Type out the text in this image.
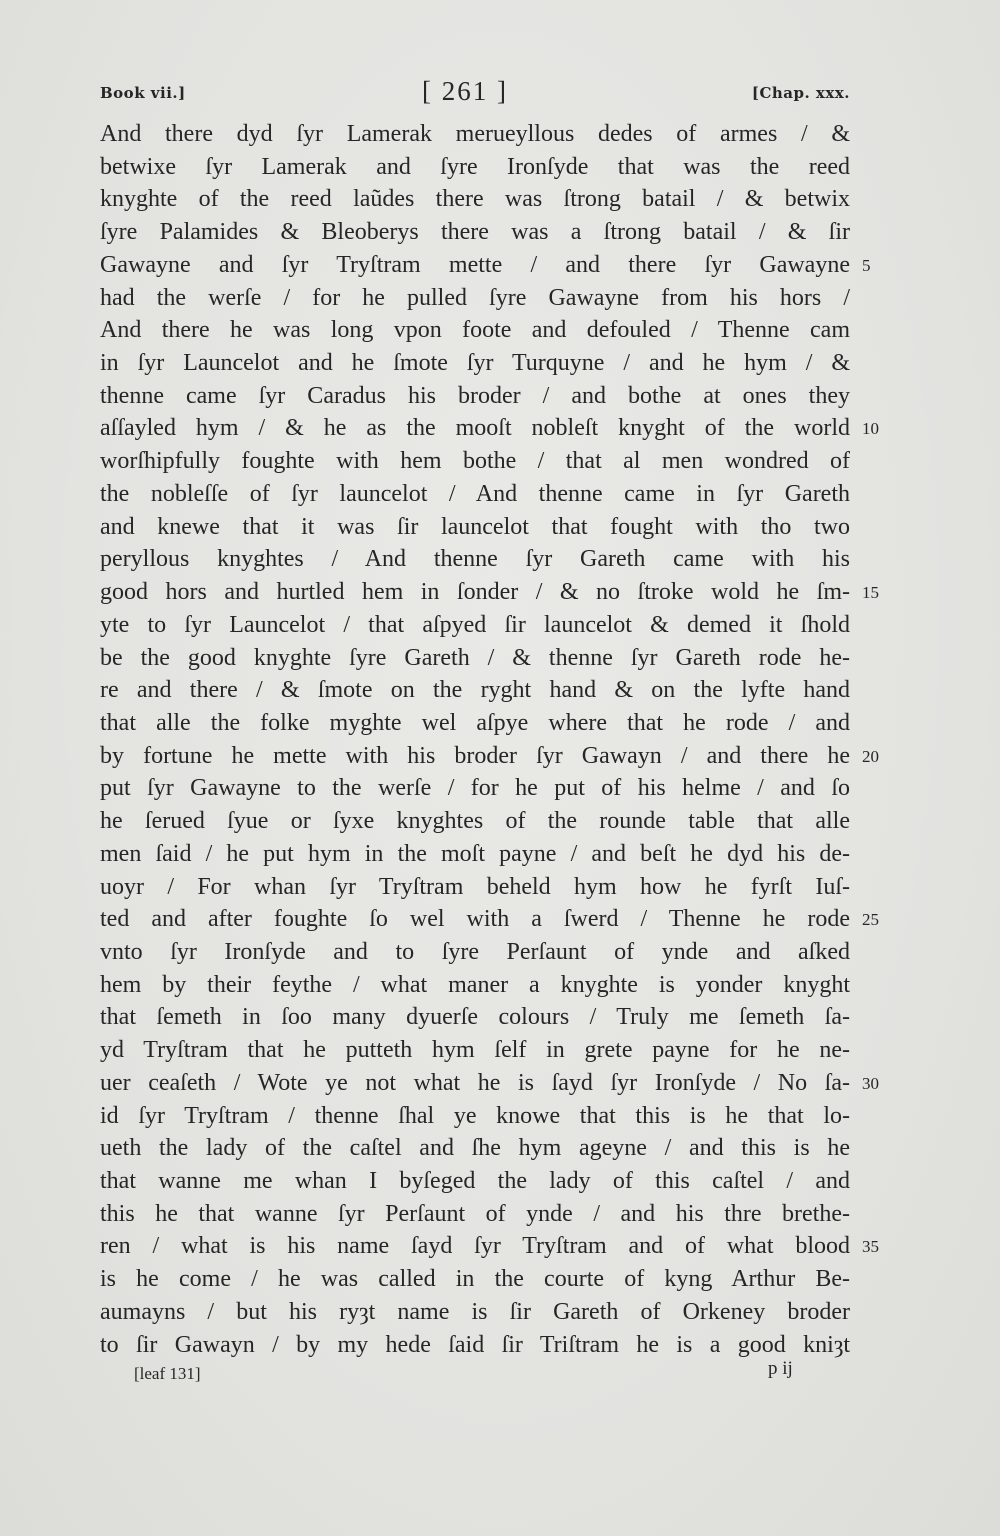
Book vii.]	[ 261 ]	[Chap. xxx.
And there dyd ſyr Lamerak merueyllous dedes of armes / &
betwixe ſyr Lamerak and ſyre Ironſyde that was the reed
knyghte of the reed laũdes there was ſtrong batail / & betwix
ſyre Palamides & Bleoberys there was a ſtrong batail / & ſir
Gawayne and ſyr Tryſtram mette / and there ſyr Gawayne 5
had the werſe / for he pulled ſyre Gawayne from his hors /
And there he was long vpon foote and defouled / Thenne cam
in ſyr Launcelot and he ſmote ſyr Turquyne / and he hym / &
thenne came ſyr Caradus his broder / and bothe at ones they
aſſayled hym / & he as the mooſt nobleſt knyght of the world 10
worſhipfully foughte with hem bothe / that al men wondred of
the nobleſſe of ſyr launcelot / And thenne came in ſyr Gareth
and knewe that it was ſir launcelot that fought with tho two
peryllous knyghtes / And thenne ſyr Gareth came with his
good hors and hurtled hem in ſonder / & no ſtroke wold he ſm- 15
yte to ſyr Launcelot / that aſpyed ſir launcelot & demed it ſhold
be the good knyghte ſyre Gareth / & thenne ſyr Gareth rode he-
re and there / & ſmote on the ryght hand & on the lyfte hand
that alle the folke myghte wel aſpye where that he rode / and
by fortune he mette with his broder ſyr Gawayn / and there he 20
put ſyr Gawayne to the werſe / for he put of his helme / and ſo
he ſerued ſyue or ſyxe knyghtes of the rounde table that alle
men ſaid / he put hym in the moſt payne / and beſt he dyd his de-
uoyr / For whan ſyr Tryſtram beheld hym how he fyrſt Iuſ-
ted and after foughte ſo wel with a ſwerd / Thenne he rode 25
vnto ſyr Ironſyde and to ſyre Perſaunt of ynde and aſked
hem by their feythe / what maner a knyghte is yonder knyght
that ſemeth in ſoo many dyuerſe colours / Truly me ſemeth ſa-
yd Tryſtram that he putteth hym ſelf in grete payne for he ne-
uer ceaſeth / Wote ye not what he is ſayd ſyr Ironſyde / No ſa- 30
id ſyr Tryſtram / thenne ſhal ye knowe that this is he that lo-
ueth the lady of the caſtel and ſhe hym ageyne / and this is he
that wanne me whan I byſeged the lady of this caſtel / and
this he that wanne ſyr Perſaunt of ynde / and his thre brethe-
ren / what is his name ſayd ſyr Tryſtram and of what blood 35
is he come / he was called in the courte of kyng Arthur Be-
aumayns / but his ryȝt name is ſir Gareth of Orkeney broder
to ſir Gawayn / by my hede ſaid ſir Triſtram he is a good kniȝt
[leaf 131]	p ij
